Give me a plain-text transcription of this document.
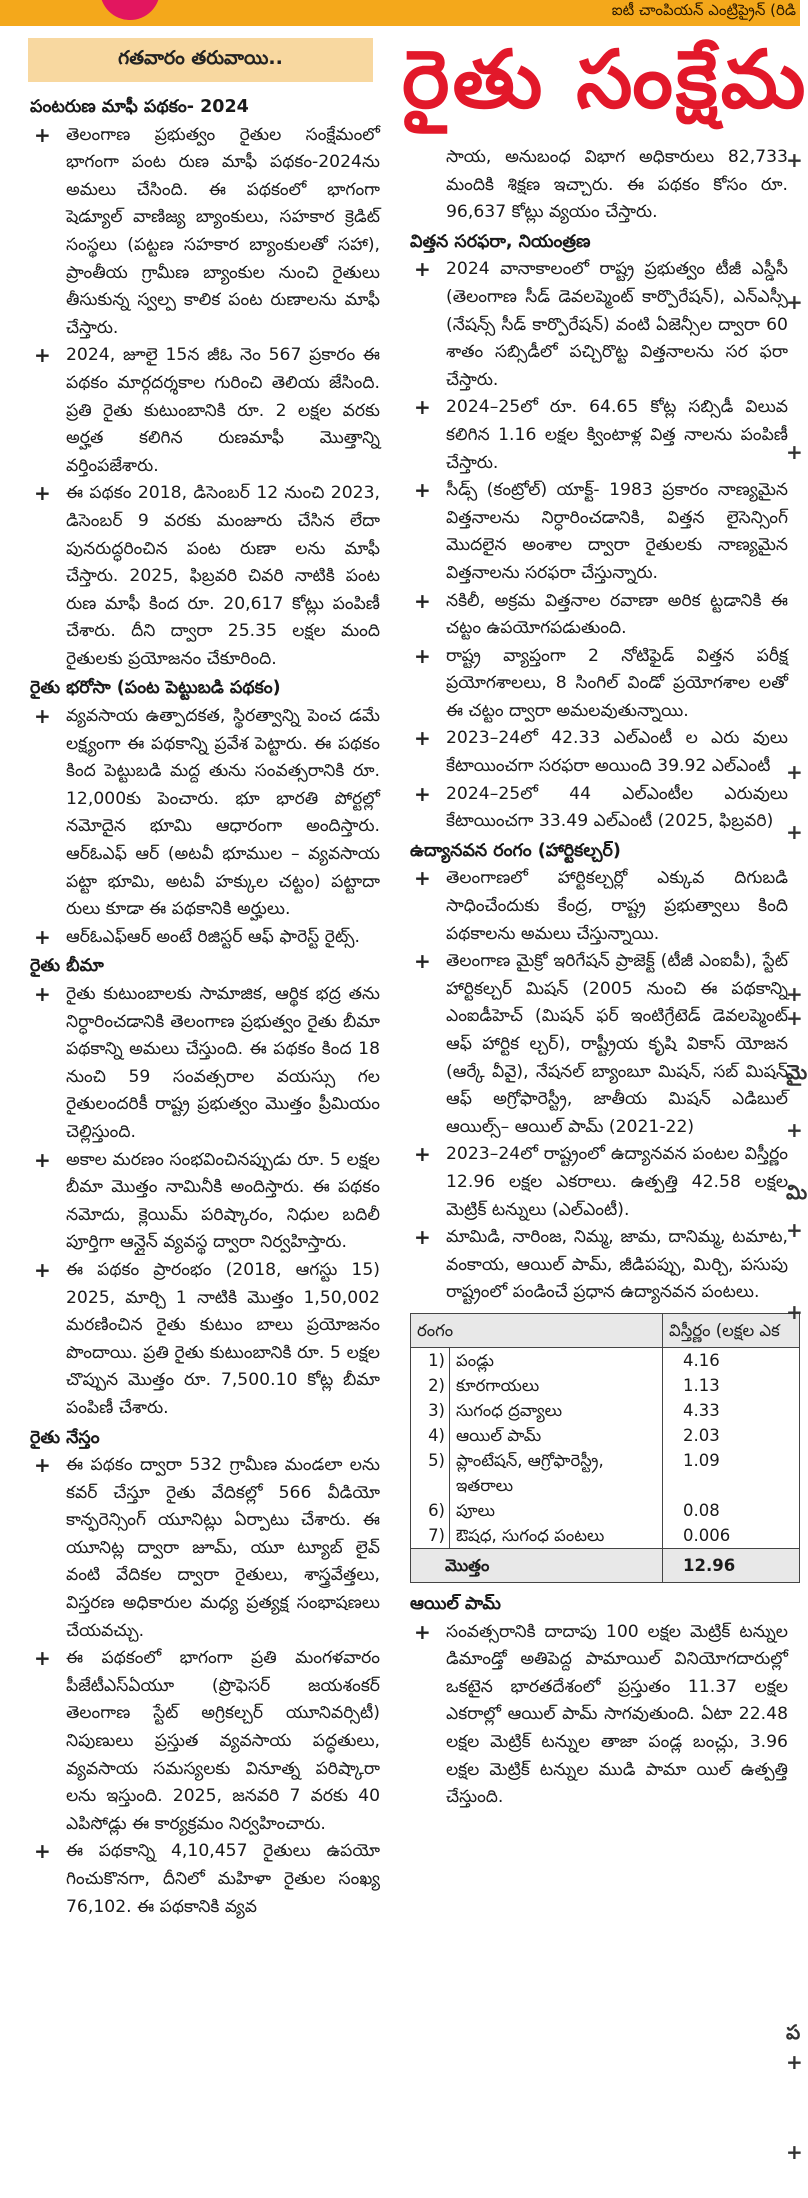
ఐటీ చాంపియన్ ఎంట్రిప్రైన్ (రిడి
గతవారం తరువాయి..	రైతు సంక్షేమ
పంటరుణ మాఫీ పథకం- 2024
+ తెలంగాణ ప్రభుత్వం రైతుల సంక్షేమంలో భాగంగా పంట రుణ మాఫీ పథకం-2024ను అమలు చేసింది. ఈ పథకంలో భాగంగా షెడ్యూల్ వాణిజ్య బ్యాంకులు, సహకార క్రెడిట్ సంస్థలు (పట్టణ సహకార బ్యాంకులతో సహా), ప్రాంతీయ గ్రామీణ బ్యాంకుల నుంచి రైతులు తీసుకున్న స్వల్ప కాలిక పంట రుణాలను మాఫీ చేస్తారు.
+ 2024, జూలై 15న జీఓ నెం 567 ప్రకారం ఈ పథకం మార్గదర్శకాల గురించి తెలియ జేసింది. ప్రతి రైతు కుటుంబానికి రూ. 2 లక్షల వరకు అర్హత కలిగిన రుణమాఫీ మొత్తాన్ని వర్తింపజేశారు.
+ ఈ పథకం 2018, డిసెంబర్ 12 నుంచి 2023, డిసెంబర్ 9 వరకు మంజూరు చేసిన లేదా పునరుద్ధరించిన పంట రుణా లను మాఫీ చేస్తారు. 2025, ఫిబ్రవరి చివరి నాటికి పంట రుణ మాఫీ కింద రూ. 20,617 కోట్లు పంపిణీ చేశారు. దీని ద్వారా 25.35 లక్షల మంది రైతులకు ప్రయోజనం చేకూరింది.
రైతు భరోసా (పంట పెట్టుబడి పథకం)
+ వ్యవసాయ ఉత్పాదకత, స్థిరత్వాన్ని పెంచ డమే లక్ష్యంగా ఈ పథకాన్ని ప్రవేశ పెట్టారు. ఈ పథకం కింద పెట్టుబడి మద్ద తును సంవత్సరానికి రూ. 12,000కు పెంచారు. భూ భారతి పోర్టల్లో నమోదైన భూమి ఆధారంగా అందిస్తారు. ఆర్ఓఎఫ్ ఆర్ (అటవీ భూముల – వ్యవసాయ పట్టా భూమి, అటవీ హక్కుల చట్టం) పట్టాదా రులు కూడా ఈ పథకానికి అర్హులు.
+ ఆర్ఓఎఫ్ఆర్ అంటే రిజిస్టర్ ఆఫ్ ఫారెస్ట్ రైట్స్.
రైతు బీమా
+ రైతు కుటుంబాలకు సామాజిక, ఆర్థిక భద్ర తను నిర్ధారించడానికి తెలంగాణ ప్రభుత్వం రైతు బీమా పథకాన్ని అమలు చేస్తుంది. ఈ పథకం కింద 18 నుంచి 59 సంవత్సరాల వయస్సు గల రైతులందరికీ రాష్ట్ర ప్రభుత్వం మొత్తం ప్రీమియం చెల్లిస్తుంది.
+ అకాల మరణం సంభవించినప్పుడు రూ. 5 లక్షల బీమా మొత్తం నామినీకి అందిస్తారు. ఈ పథకం నమోదు, క్లెయిమ్ పరిష్కారం, నిధుల బదిలీ పూర్తిగా ఆన్లైన్ వ్యవస్థ ద్వారా నిర్వహిస్తారు.
+ ఈ పథకం ప్రారంభం (2018, ఆగస్టు 15) 2025, మార్చి 1 నాటికి మొత్తం 1,50,002 మరణించిన రైతు కుటుం బాలు ప్రయోజనం పొందాయి. ప్రతి రైతు కుటుంబానికి రూ. 5 లక్షల చొప్పున మొత్తం రూ. 7,500.10 కోట్ల బీమా పంపిణీ చేశారు.
రైతు నేస్తం
+ ఈ పథకం ద్వారా 532 గ్రామీణ మండలా లను కవర్ చేస్తూ రైతు వేదికల్లో 566 వీడియో కాన్ఫరెన్సింగ్ యూనిట్లు ఏర్పాటు చేశారు. ఈ యూనిట్ల ద్వారా జూమ్, యూ ట్యూబ్ లైవ్ వంటి వేదికల ద్వారా రైతులు, శాస్త్రవేత్తలు, విస్తరణ అధికారుల మధ్య ప్రత్యక్ష సంభాషణలు చేయవచ్చు.
+ ఈ పథకంలో భాగంగా ప్రతి మంగళవారం పీజేటీఎస్ఏయూ (ప్రొఫెసర్ జయశంకర్ తెలంగాణ స్టేట్ అగ్రికల్చర్ యూనివర్సిటీ) నిపుణులు ప్రస్తుత వ్యవసాయ పద్ధతులు, వ్యవసాయ సమస్యలకు వినూత్న పరిష్కారా లను ఇస్తుంది. 2025, జనవరి 7 వరకు 40 ఎపిసోడ్లు ఈ కార్యక్రమం నిర్వహించారు.
+ ఈ పథకాన్ని 4,10,457 రైతులు ఉపయో గించుకొనగా, దీనిలో మహిళా రైతుల సంఖ్య 76,102. ఈ పథకానికి వ్యవ
సాయ, అనుబంధ విభాగ అధికారులు 82,733 మందికి శిక్షణ ఇచ్చారు. ఈ పథకం కోసం రూ. 96,637 కోట్లు వ్యయం చేస్తారు.
విత్తన సరఫరా, నియంత్రణ
+ 2024 వానాకాలంలో రాష్ట్ర ప్రభుత్వం టీజీ ఎస్డీసీ (తెలంగాణ సీడ్ డెవలప్మెంట్ కార్పొరేషన్), ఎన్ఎస్సీ (నేషన్స్ సీడ్ కార్పొరేషన్) వంటి ఏజెన్సీల ద్వారా 60 శాతం సబ్సిడీలో పచ్చిరొట్ట విత్తనాలను సర ఫరా చేస్తారు.
+ 2024–25లో రూ. 64.65 కోట్ల సబ్సిడీ విలువ కలిగిన 1.16 లక్షల క్వింటాళ్ల విత్త నాలను పంపిణీ చేస్తారు.
+ సీడ్స్ (కంట్రోల్) యాక్ట్- 1983 ప్రకారం నాణ్యమైన విత్తనాలను నిర్ధారించడానికి, విత్తన లైసెన్సింగ్ మొదలైన అంశాల ద్వారా రైతులకు నాణ్యమైన విత్తనాలను సరఫరా చేస్తున్నారు.
+ నకిలీ, అక్రమ విత్తనాల రవాణా అరిక ట్టడానికి ఈ చట్టం ఉపయోగపడుతుంది.
+ రాష్ట్ర వ్యాప్తంగా 2 నోటిఫైడ్ విత్తన పరీక్ష ప్రయోగశాలలు, 8 సింగిల్ విండో ప్రయోగశాల లతో ఈ చట్టం ద్వారా అమలవుతున్నాయి.
+ 2023–24లో 42.33 ఎల్ఎంటీ ల ఎరు వులు కేటాయించగా సరఫరా అయింది 39.92 ఎల్ఎంటీ
+ 2024–25లో 44 ఎల్ఎంటీల ఎరువులు కేటాయించగా 33.49 ఎల్ఎంటీ (2025, ఫిబ్రవరి)
ఉద్యానవన రంగం (హార్టికల్చర్)
+ తెలంగాణలో హార్టికల్చర్లో ఎక్కువ దిగుబడి సాధించేందుకు కేంద్ర, రాష్ట్ర ప్రభుత్వాలు కింది పథకాలను అమలు చేస్తున్నాయి.
+ తెలంగాణ మైక్రో ఇరిగేషన్ ప్రాజెక్ట్ (టీజీ ఎంఐపీ), స్టేట్ హార్టికల్చర్ మిషన్ (2005 నుంచి ఈ పథకాన్ని ఎంఐడీహెచ్ (మిషన్ ఫర్ ఇంటిగ్రేటెడ్ డెవలప్మెంట్ ఆఫ్ హార్టిక ల్చర్), రాష్ట్రీయ కృషి వికాస్ యోజన (ఆర్కే వీవై), నేషనల్ బ్యాంబూ మిషన్, సబ్ మిషన్ ఆఫ్ అగ్రోఫారెస్ట్రీ, జాతీయ మిషన్ ఎడిబుల్ ఆయిల్స్– ఆయిల్ పామ్ (2021-22)
+ 2023–24లో రాష్ట్రంలో ఉద్యానవన పంటల విస్తీర్ణం 12.96 లక్షల ఎకరాలు. ఉత్పత్తి 42.58 లక్షల మెట్రిక్ టన్నులు (ఎల్ఎంటీ).
+ మామిడి, నారింజ, నిమ్మ, జామ, దానిమ్మ, టమాట, వంకాయ, ఆయిల్ పామ్, జీడిపప్పు, మిర్చి, పసుపు రాష్ట్రంలో పండించే ప్రధాన ఉద్యానవన పంటలు.
రంగం		విస్తీర్ణం (లక్షల ఎక
1)	పండ్లు	4.16
2)	కూరగాయలు	1.13
3)	సుగంధ ద్రవ్యాలు	4.33
4)	ఆయిల్ పామ్	2.03
5)	ప్లాంటేషన్, ఆగ్రోఫారెస్ట్రీ, ఇతరాలు	1.09
6)	పూలు	0.08
7)	ఔషధ, సుగంధ పంటలు	0.006
మొత్తం		12.96
ఆయిల్ పామ్
+ సంవత్సరానికి దాదాపు 100 లక్షల మెట్రిక్ టన్నుల డిమాండ్తో అతిపెద్ద పామాయిల్ వినియోగదారుల్లో ఒకటైన భారతదేశంలో ప్రస్తుతం 11.37 లక్షల ఎకరాల్లో ఆయిల్ పామ్ సాగవుతుంది. ఏటా 22.48 లక్షల మెట్రిక్ టన్నుల తాజా పండ్ల బంచ్లు, 3.96 లక్షల మెట్రిక్ టన్నుల ముడి పామా యిల్ ఉత్పత్తి చేస్తుంది.
+
+
+
+
+
+
+
మై
+
మి
+
+
ప
+
+
